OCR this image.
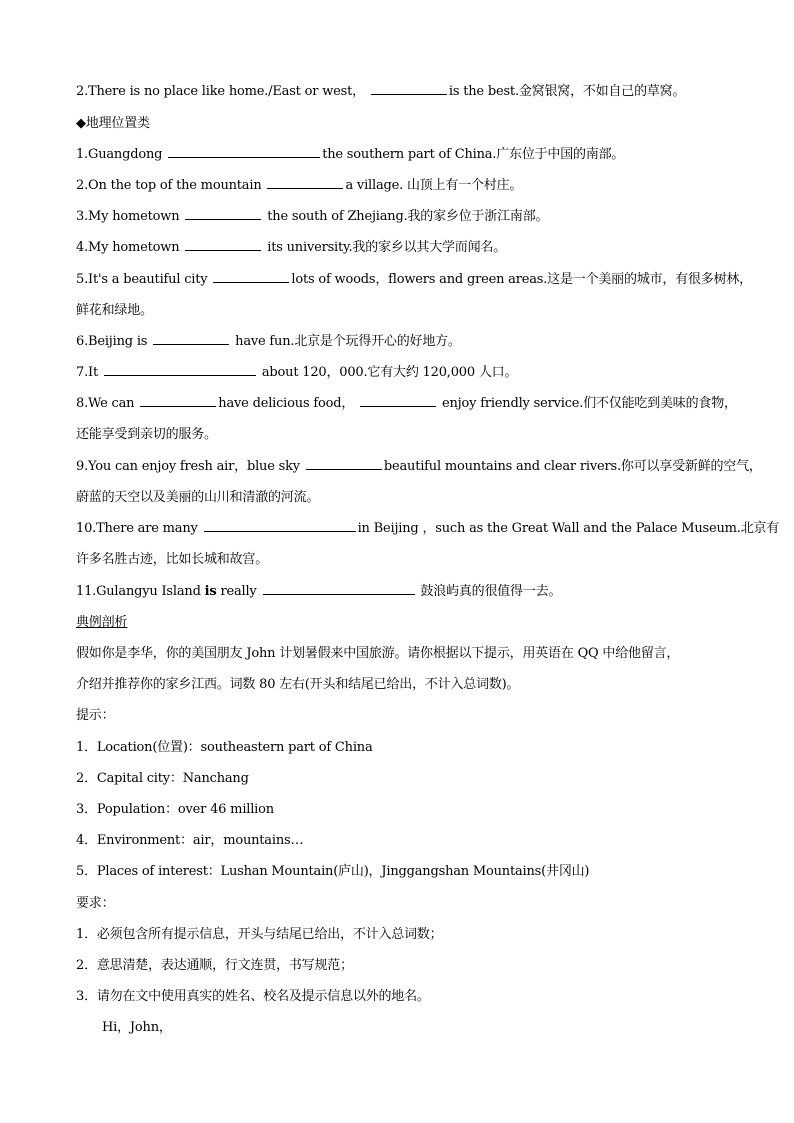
2.There is no place like home./East or west，	is the best.金窝银窝，不如自己的草窝。
◆地理位置类
1.Guangdong	the southern part of China.广东位于中国的南部。
2.On the top of the mountain	a village. 山顶上有一个村庄。
3.My hometown	the south of Zhejiang.我的家乡位于浙江南部。
4.My hometown	its university.我的家乡以其大学而闻名。
5.It's a beautiful city	lots of woods，flowers and green areas.这是一个美丽的城市，有很多树林，
鲜花和绿地。
6.Beijing is	have fun.北京是个玩得开心的好地方。
7.It	about 120，000.它有大约 120,000 人口。
8.We can	have delicious food，	enjoy friendly service.们不仅能吃到美味的食物，
还能享受到亲切的服务。
9.You can enjoy fresh air，blue sky	beautiful mountains and clear rivers.你可以享受新鲜的空气，
蔚蓝的天空以及美丽的山川和清澈的河流。
10.There are many	in Beijing ，such as the Great Wall and the Palace Museum.北京有
许多名胜古迹，比如长城和故宫。
11.Gulangyu Island is really	鼓浪屿真的很值得一去。
典例剖析
假如你是李华，你的美国朋友 John 计划暑假来中国旅游。请你根据以下提示，用英语在 QQ 中给他留言，
介绍并推荐你的家乡江西。词数 80 左右(开头和结尾已给出，不计入总词数)。
提示：
1．Location(位置)：southeastern part of China
2．Capital city：Nanchang
3．Population：over 46 million
4．Environment：air，mountains…
5．Places of interest：Lushan Mountain(庐山)，Jinggangshan Mountains(井冈山)
要求：
1．必须包含所有提示信息，开头与结尾已给出，不计入总词数；
2．意思清楚，表达通顺，行文连贯，书写规范；
3．请勿在文中使用真实的姓名、校名及提示信息以外的地名。
Hi，John，
